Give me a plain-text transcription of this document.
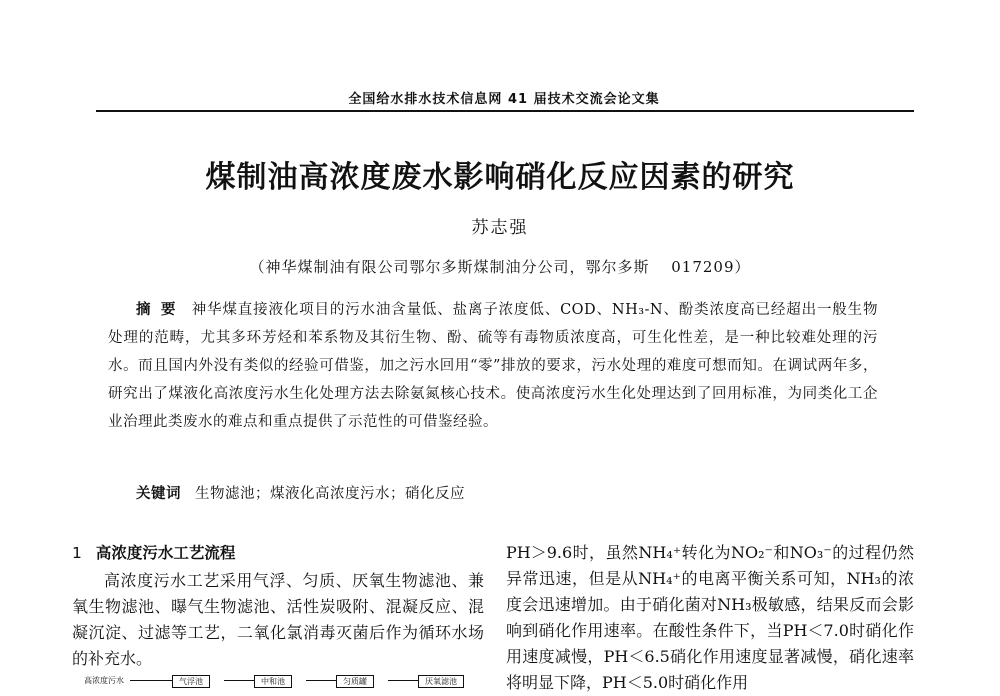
全国给水排水技术信息网 41 届技术交流会论文集
煤制油高浓度废水影响硝化反应因素的研究
苏志强
（神华煤制油有限公司鄂尔多斯煤制油分公司，鄂尔多斯　 017209）
摘要 神华煤直接液化项目的污水油含量低、盐离子浓度低、COD、NH₃-N、酚类浓度高已经超出一般生物处理的范畴，尤其多环芳烃和苯系物及其衍生物、酚、硫等有毒物质浓度高，可生化性差，是一种比较难处理的污水。而且国内外没有类似的经验可借鉴，加之污水回用“零”排放的要求，污水处理的难度可想而知。在调试两年多，研究出了煤液化高浓度污水生化处理方法去除氨氮核心技术。使高浓度污水生化处理达到了回用标准，为同类化工企业治理此类废水的难点和重点提供了示范性的可借鉴经验。
关键词 生物滤池；煤液化高浓度污水；硝化反应
1 高浓度污水工艺流程

高浓度污水工艺采用气浮、匀质、厌氧生物滤池、兼氧生物滤池、曝气生物滤池、活性炭吸附、混凝反应、混凝沉淀、过滤等工艺，二氧化氯消毒灭菌后作为循环水场的补充水。

PH＞9.6时，虽然NH₄⁺转化为NO₂⁻和NO₃⁻的过程仍然异常迅速，但是从NH₄⁺的电离平衡关系可知，NH₃的浓度会迅速增加。由于硝化菌对NH₃极敏感，结果反而会影响到硝化作用速率。在酸性条件下，当PH＜7.0时硝化作用速度减慢，PH＜6.5硝化作用速度显著减慢，硝化速率将明显下降，PH＜5.0时硝化作用

高浓度污水	气浮池	中和池	匀质罐	厌氧滤池
